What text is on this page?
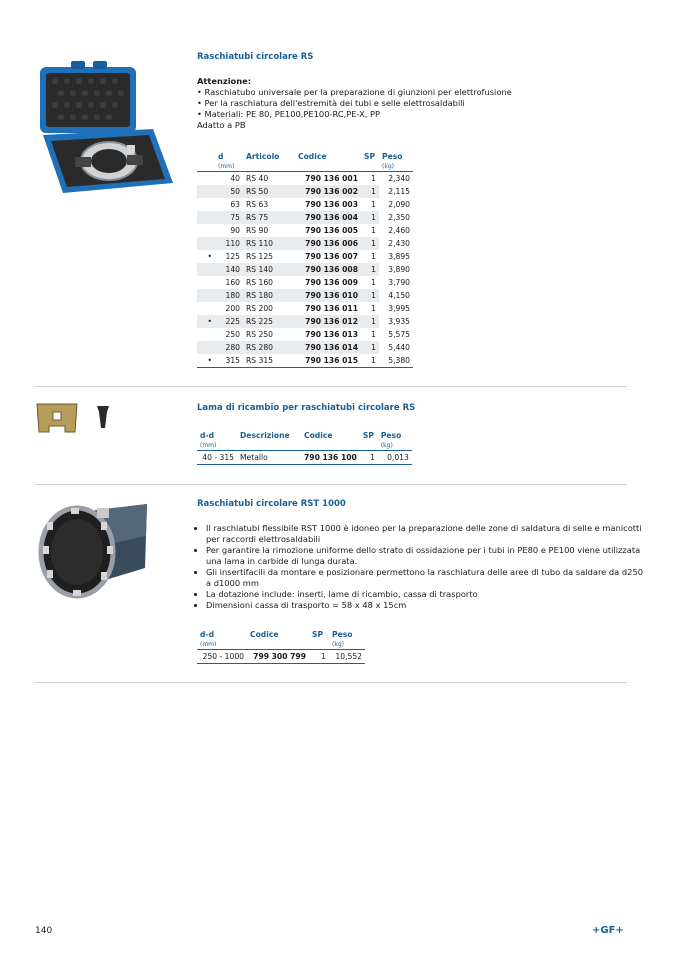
Raschiatubi circolare RS
Attenzione:
• Raschiatubo universale per la preparazione di giunzioni per elettrofusione
• Per la raschiatura dell'estremità dei tubi e selle elettrosaldabili
• Materiali: PE 80, PE100,PE100-RC,PE-X, PP
Adatto a PB
	d	Articolo	Codice	SP	Peso
	(mm)				(kg)
	40	RS 40	790 136 001	1	2,340
	50	RS 50	790 136 002	1	2,115
	63	RS 63	790 136 003	1	2,090
	75	RS 75	790 136 004	1	2,350
	90	RS 90	790 136 005	1	2,460
	110	RS 110	790 136 006	1	2,430
•	125	RS 125	790 136 007	1	3,895
	140	RS 140	790 136 008	1	3,890
	160	RS 160	790 136 009	1	3,790
	180	RS 180	790 136 010	1	4,150
	200	RS 200	790 136 011	1	3,995
•	225	RS 225	790 136 012	1	3,935
	250	RS 250	790 136 013	1	5,575
	280	RS 280	790 136 014	1	5,440
•	315	RS 315	790 136 015	1	5,380
Lama di ricambio per raschiatubi circolare RS
d-d	Descrizione	Codice	SP	Peso
(mm)				(kg)
40 - 315	Metallo	790 136 100	1	0,013
Raschiatubi circolare RST 1000
• Il raschiatubi flessibile RST 1000 è idoneo per la preparazione delle zone di saldatura di selle e manicotti per raccordi elettrosaldabili
• Per garantire la rimozione uniforme dello strato di ossidazione per i tubi in PE80 e PE100 viene utilizzata una lama in carbide di lunga durata.
• Gli insertifacili da montare e posizionare permettono la raschiatura delle aree di tubo da saldare da d250 a d1000 mm
• La dotazione include: inserti, lame di ricambio, cassa di trasporto
• Dimensioni cassa di trasporto = 58 x 48 x 15cm
d-d	Codice	SP	Peso
(mm)			(kg)
250 - 1000	799 300 799	1	10,552
140	+GF+
